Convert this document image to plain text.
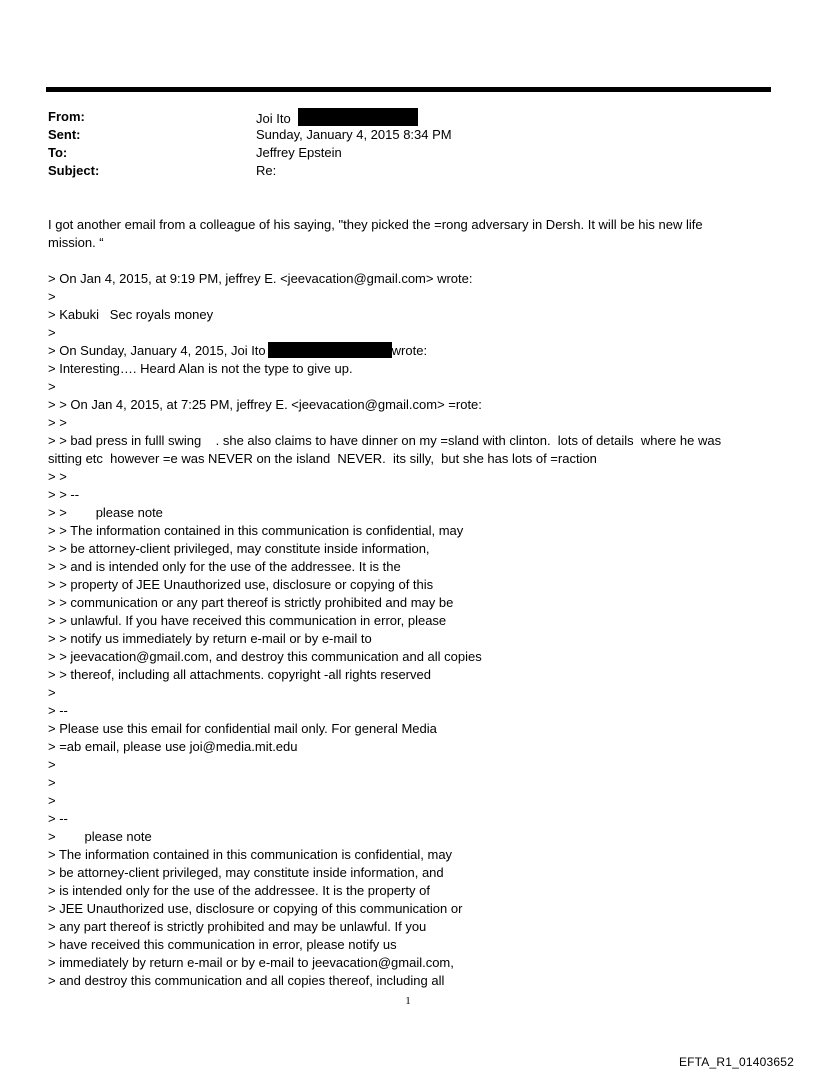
From:	Joi Ito
Sent:	Sunday, January 4, 2015 8:34 PM
To:	Jeffrey Epstein
Subject:	Re:

I got another email from a colleague of his saying, "they picked the =rong adversary in Dersh. It will be his new life mission. “

> On Jan 4, 2015, at 9:19 PM, jeffrey E. <jeevacation@gmail.com> wrote:

>

> Kabuki   Sec royals money

>

> On Sunday, January 4, 2015, Joi Ito	wrote:

> Interesting…. Heard Alan is not the type to give up.

>

> > On Jan 4, 2015, at 7:25 PM, jeffrey E. <jeevacation@gmail.com> =rote:

> >

> > bad press in fulll swing    . she also claims to have dinner on my =sland with clinton.  lots of details  where he was sitting etc  however =e was NEVER on the island  NEVER.  its silly,  but she has lots of =raction

> >

> > --

> >        please note

> > The information contained in this communication is confidential, may

> > be attorney-client privileged, may constitute inside information,

> > and is intended only for the use of the addressee. It is the

> > property of JEE Unauthorized use, disclosure or copying of this

> > communication or any part thereof is strictly prohibited and may be

> > unlawful. If you have received this communication in error, please

> > notify us immediately by return e-mail or by e-mail to

> > jeevacation@gmail.com, and destroy this communication and all copies

> > thereof, including all attachments. copyright -all rights reserved

>

> --

> Please use this email for confidential mail only. For general Media

> =ab email, please use joi@media.mit.edu

>

>

>

> --

>        please note

> The information contained in this communication is confidential, may

> be attorney-client privileged, may constitute inside information, and

> is intended only for the use of the addressee. It is the property of

> JEE Unauthorized use, disclosure or copying of this communication or

> any part thereof is strictly prohibited and may be unlawful. If you

> have received this communication in error, please notify us

> immediately by return e-mail or by e-mail to jeevacation@gmail.com,

> and destroy this communication and all copies thereof, including all

1
EFTA_R1_01403652
